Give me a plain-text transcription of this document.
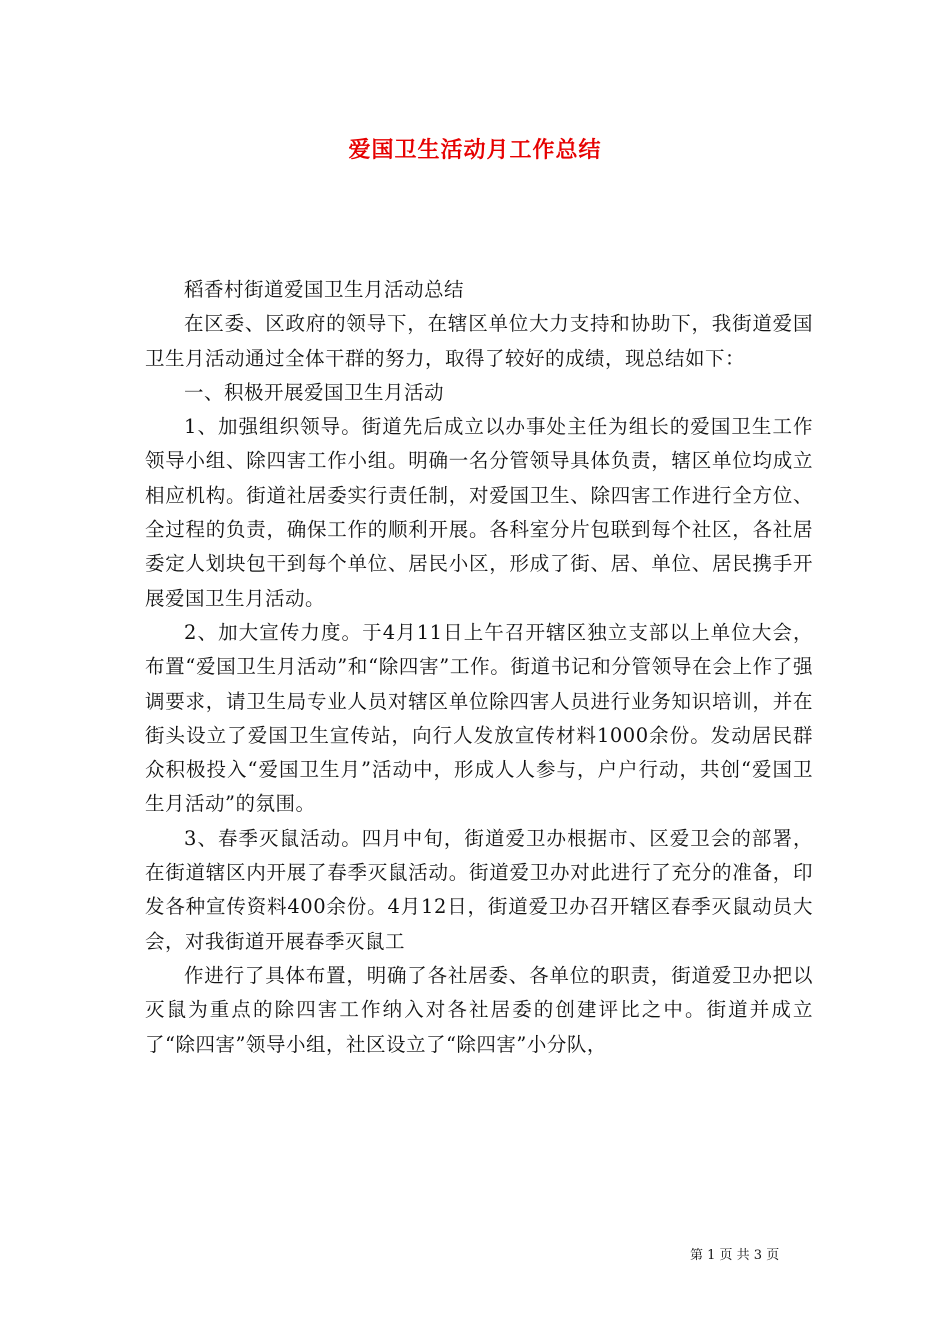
爱国卫生活动月工作总结

稻香村街道爱国卫生月活动总结

在区委、区政府的领导下，在辖区单位大力支持和协助下，我街道爱国卫生月活动通过全体干群的努力，取得了较好的成绩，现总结如下：

一、积极开展爱国卫生月活动

1、加强组织领导。街道先后成立以办事处主任为组长的爱国卫生工作领导小组、除四害工作小组。明确一名分管领导具体负责，辖区单位均成立相应机构。街道社居委实行责任制，对爱国卫生、除四害工作进行全方位、全过程的负责，确保工作的顺利开展。各科室分片包联到每个社区，各社居委定人划块包干到每个单位、居民小区，形成了街、居、单位、居民携手开展爱国卫生月活动。

2、加大宣传力度。于4月11日上午召开辖区独立支部以上单位大会，布置“爱国卫生月活动”和“除四害”工作。街道书记和分管领导在会上作了强调要求，请卫生局专业人员对辖区单位除四害人员进行业务知识培训，并在街头设立了爱国卫生宣传站，向行人发放宣传材料1000余份。发动居民群众积极投入“爱国卫生月”活动中，形成人人参与，户户行动，共创“爱国卫生月活动”的氛围。

3、春季灭鼠活动。四月中旬，街道爱卫办根据市、区爱卫会的部署，在街道辖区内开展了春季灭鼠活动。街道爱卫办对此进行了充分的准备，印发各种宣传资料400余份。4月12日，街道爱卫办召开辖区春季灭鼠动员大会，对我街道开展春季灭鼠工

作进行了具体布置，明确了各社居委、各单位的职责，街道爱卫办把以灭鼠为重点的除四害工作纳入对各社居委的创建评比之中。街道并成立了“除四害”领导小组，社区设立了“除四害”小分队，

第 1 页 共 3 页
